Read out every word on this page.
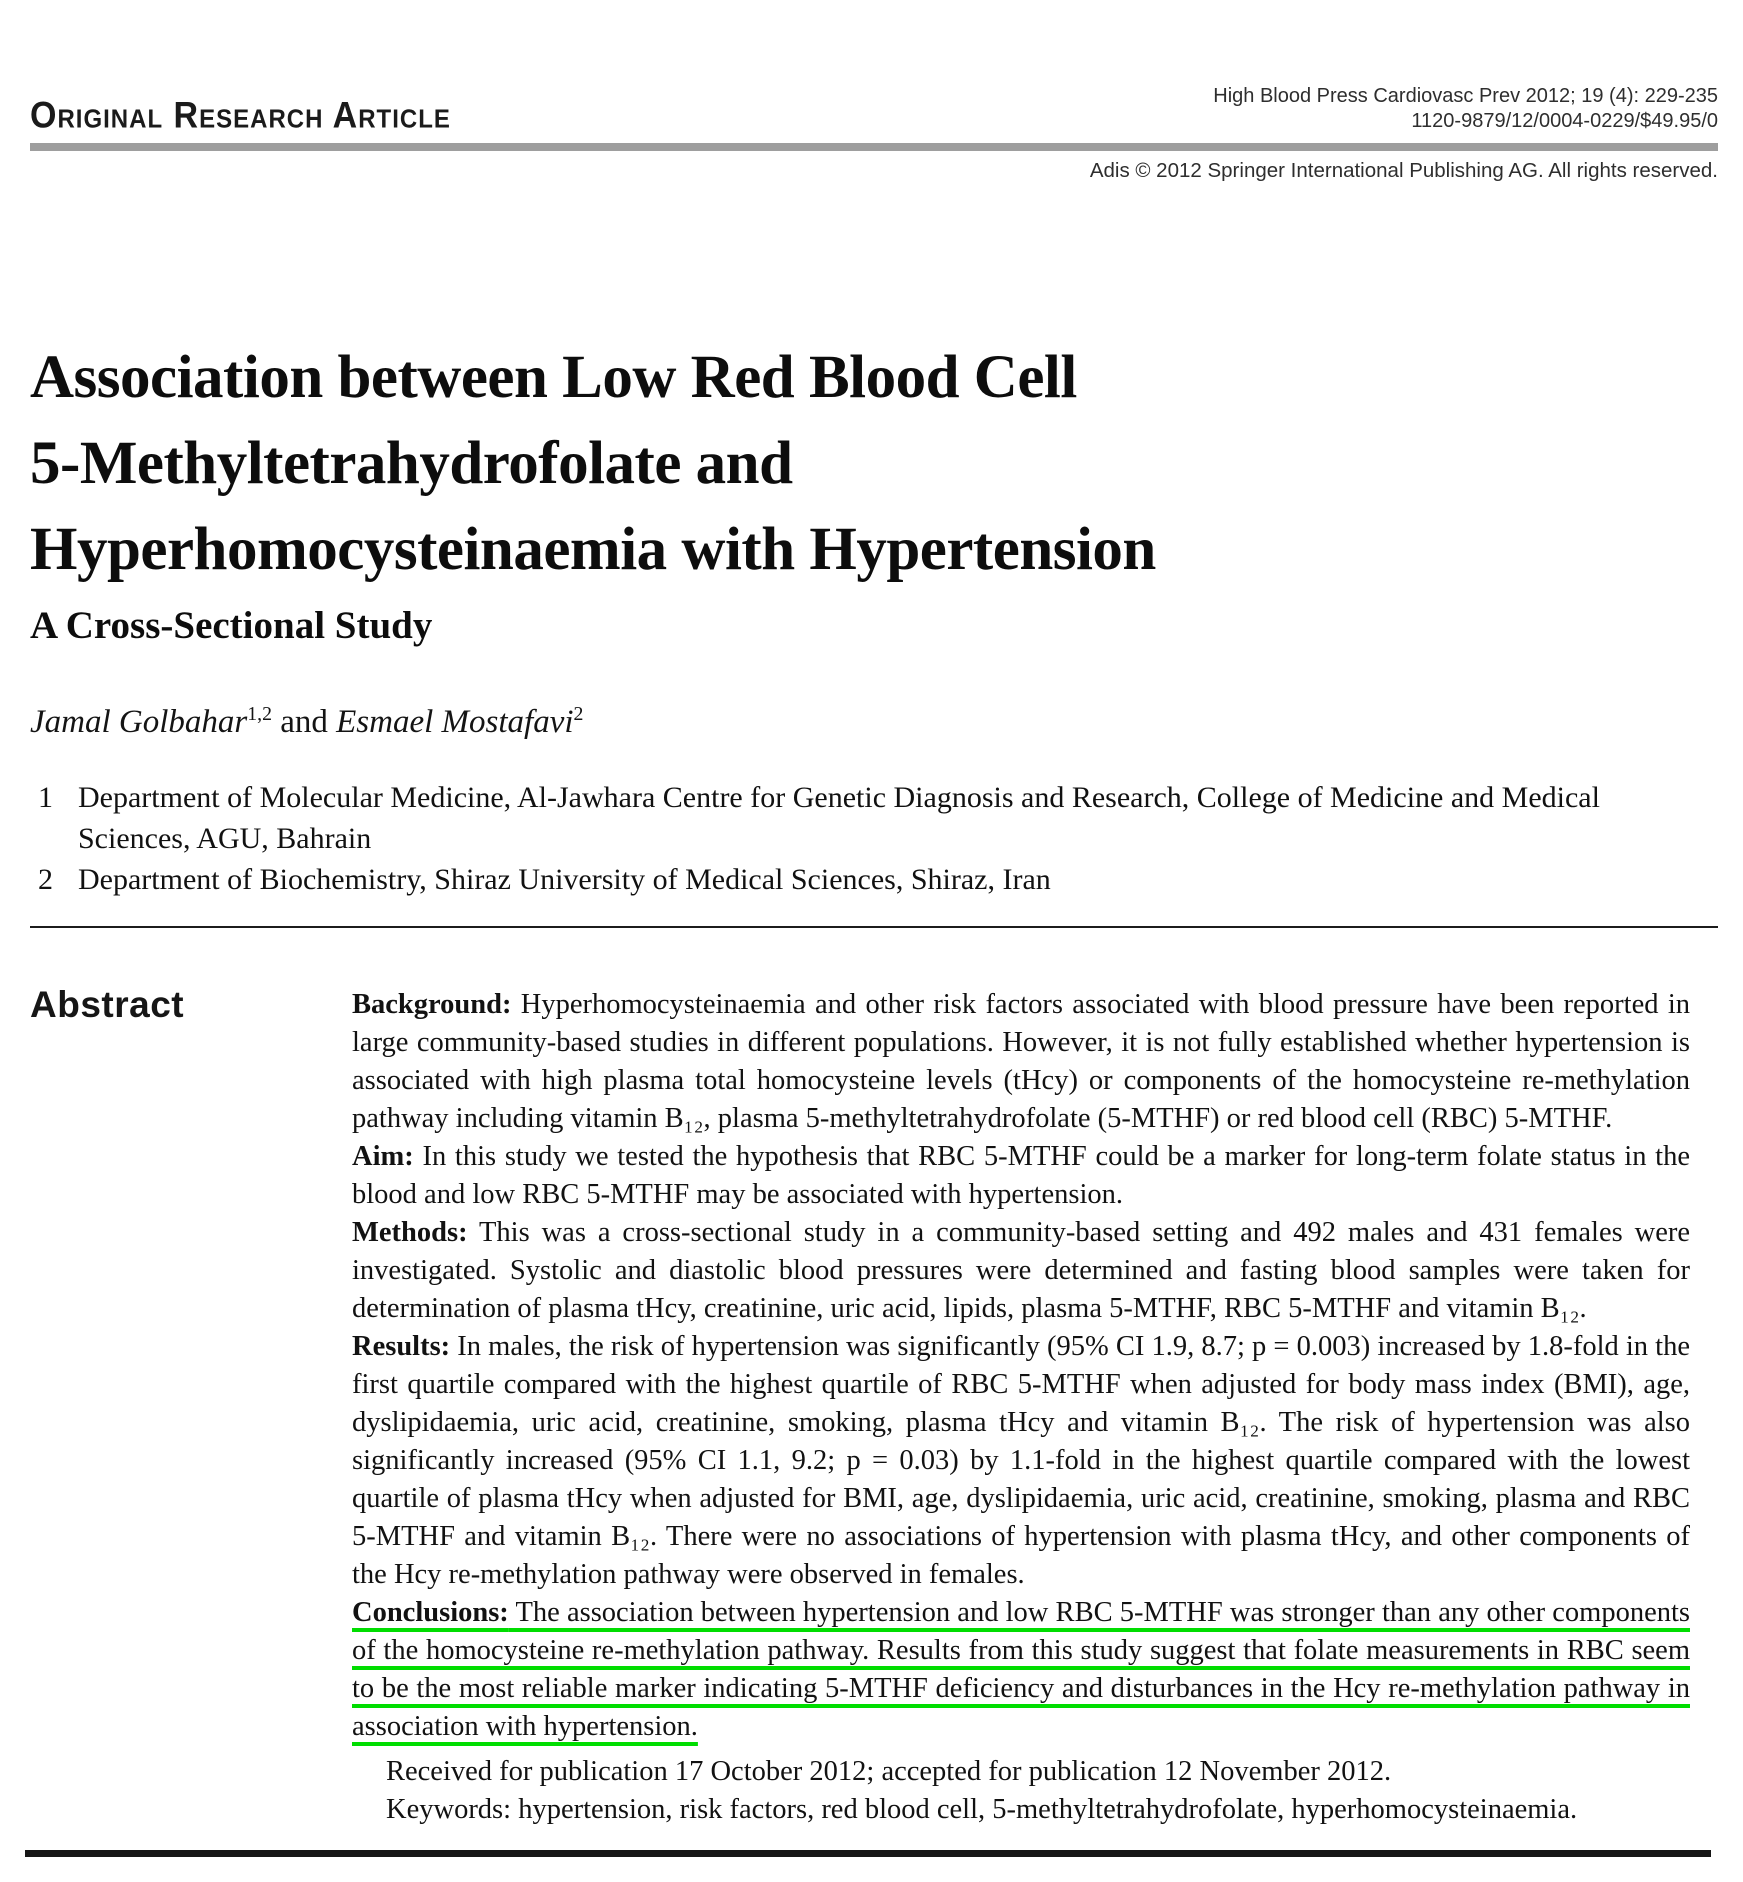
Original Research Article	High Blood Press Cardiovasc Prev 2012; 19 (4): 229-235
1120-9879/12/0004-0229/$49.95/0
Adis © 2012 Springer International Publishing AG. All rights reserved.
Association between Low Red Blood Cell
5-Methyltetrahydrofolate and
Hyperhomocysteinaemia with Hypertension
A Cross-Sectional Study
Jamal Golbahar$^{1,2}$ and Esmael Mostafavi$^2$
1 Department of Molecular Medicine, Al-Jawhara Centre for Genetic Diagnosis and Research, College of Medicine and Medical Sciences, AGU, Bahrain
2 Department of Biochemistry, Shiraz University of Medical Sciences, Shiraz, Iran
Abstract	Background: Hyperhomocysteinaemia and other risk factors associated with blood pressure have been reported in large community-based studies in different populations. However, it is not fully established whether hypertension is associated with high plasma total homocysteine levels (tHcy) or components of the homocysteine re-methylation pathway including vitamin B₁₂, plasma 5-methyltetrahydrofolate (5-MTHF) or red blood cell (RBC) 5-MTHF.

Aim: In this study we tested the hypothesis that RBC 5-MTHF could be a marker for long-term folate status in the blood and low RBC 5-MTHF may be associated with hypertension.

Methods: This was a cross-sectional study in a community-based setting and 492 males and 431 females were investigated. Systolic and diastolic blood pressures were determined and fasting blood samples were taken for determination of plasma tHcy, creatinine, uric acid, lipids, plasma 5-MTHF, RBC 5-MTHF and vitamin B₁₂.

Results: In males, the risk of hypertension was significantly (95% CI 1.9, 8.7; p = 0.003) increased by 1.8-fold in the first quartile compared with the highest quartile of RBC 5-MTHF when adjusted for body mass index (BMI), age, dyslipidaemia, uric acid, creatinine, smoking, plasma tHcy and vitamin B₁₂. The risk of hypertension was also significantly increased (95% CI 1.1, 9.2; p = 0.03) by 1.1-fold in the highest quartile compared with the lowest quartile of plasma tHcy when adjusted for BMI, age, dyslipidaemia, uric acid, creatinine, smoking, plasma and RBC 5-MTHF and vitamin B₁₂. There were no associations of hypertension with plasma tHcy, and other components of the Hcy re-methylation pathway were observed in females.

Conclusions: The association between hypertension and low RBC 5-MTHF was stronger than any other components of the homocysteine re-methylation pathway. Results from this study suggest that folate measurements in RBC seem to be the most reliable marker indicating 5-MTHF deficiency and disturbances in the Hcy re-methylation pathway in association with hypertension.

Received for publication 17 October 2012; accepted for publication 12 November 2012.

Keywords: hypertension, risk factors, red blood cell, 5-methyltetrahydrofolate, hyperhomocysteinaemia.
